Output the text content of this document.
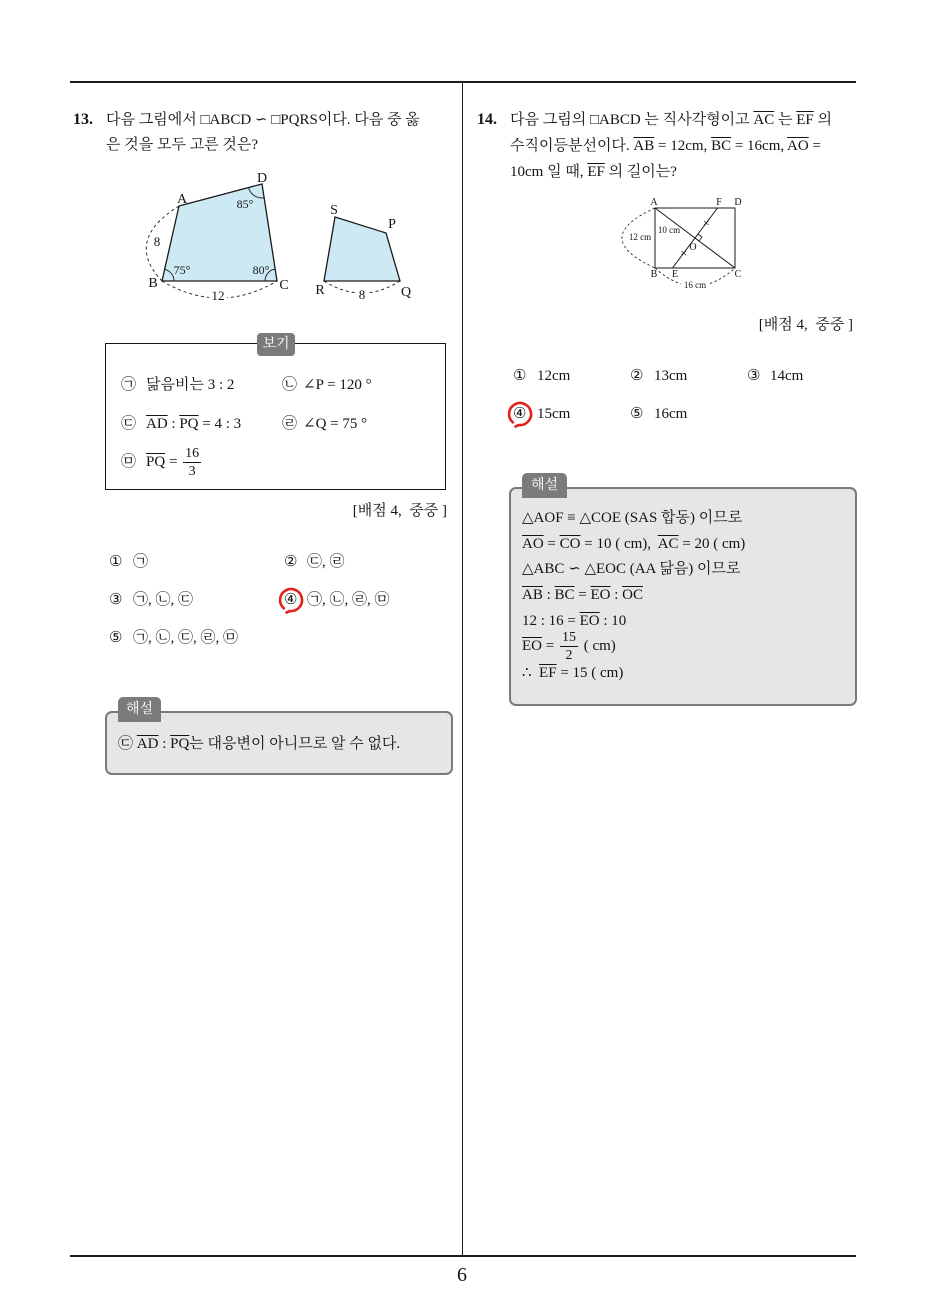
6
13. 다음 그림에서 □ABCD ∽ □PQRS이다. 다음 중 옳
은 것을 모두 고른 것은?
A
D
B	C
85°
75°	80°
8
12
S
P
R	Q
8
보기
㉠ 닮음비는 3 : 2	㉡ ∠P = 120 °
㉢ $\overline{AD}$ : $\overline{PQ} = 4$ : 3	㉣ ∠Q = 75 °
㉤ $\overline{PQ} = \frac{16}{3}$
[배점 4,  중중 ]
① ㉠	② ㉢, ㉣
③ ㉠, ㉡, ㉢	④ ㉠, ㉡, ㉣, ㉤
⑤ ㉠, ㉡, ㉢, ㉣, ㉤
해설
㉢ $\overline{AD}$ : $\overline{PQ}$는 대응변이 아니므로 알 수 없다.
14. 다음 그림의 □ABCD 는 직사각형이고 $\overline{AC}$ 는 $\overline{EF}$ 의
수직이등분선이다. $\overline{AB} = 12cm$, $\overline{BC} = 16cm$, $\overline{AO}$ =
10cm 일 때, $\overline{EF}$ 의 길이는?
A	F D
B E	C
O
12 cm
10 cm
16 cm
[배점 4,  중중 ]
① 12cm	② 13cm	③ 14cm
④ 15cm	⑤ 16cm
해설
△AOF ≡ △COE (SAS 합동) 이므로
$\overline{AO} = \overline{CO} = 10$ ( cm),  $\overline{AC} = 20$ ( cm)
△ABC ∽ △EOC (AA 닮음) 이므로
$\overline{AB}$ : $\overline{BC} = \overline{EO}$ : $\overline{OC}$
12 : $16 = \overline{EO}$ : 10
$\overline{EO} = \frac{15}{2}$ ( cm)
∴  $\overline{EF} = 15$ ( cm)
